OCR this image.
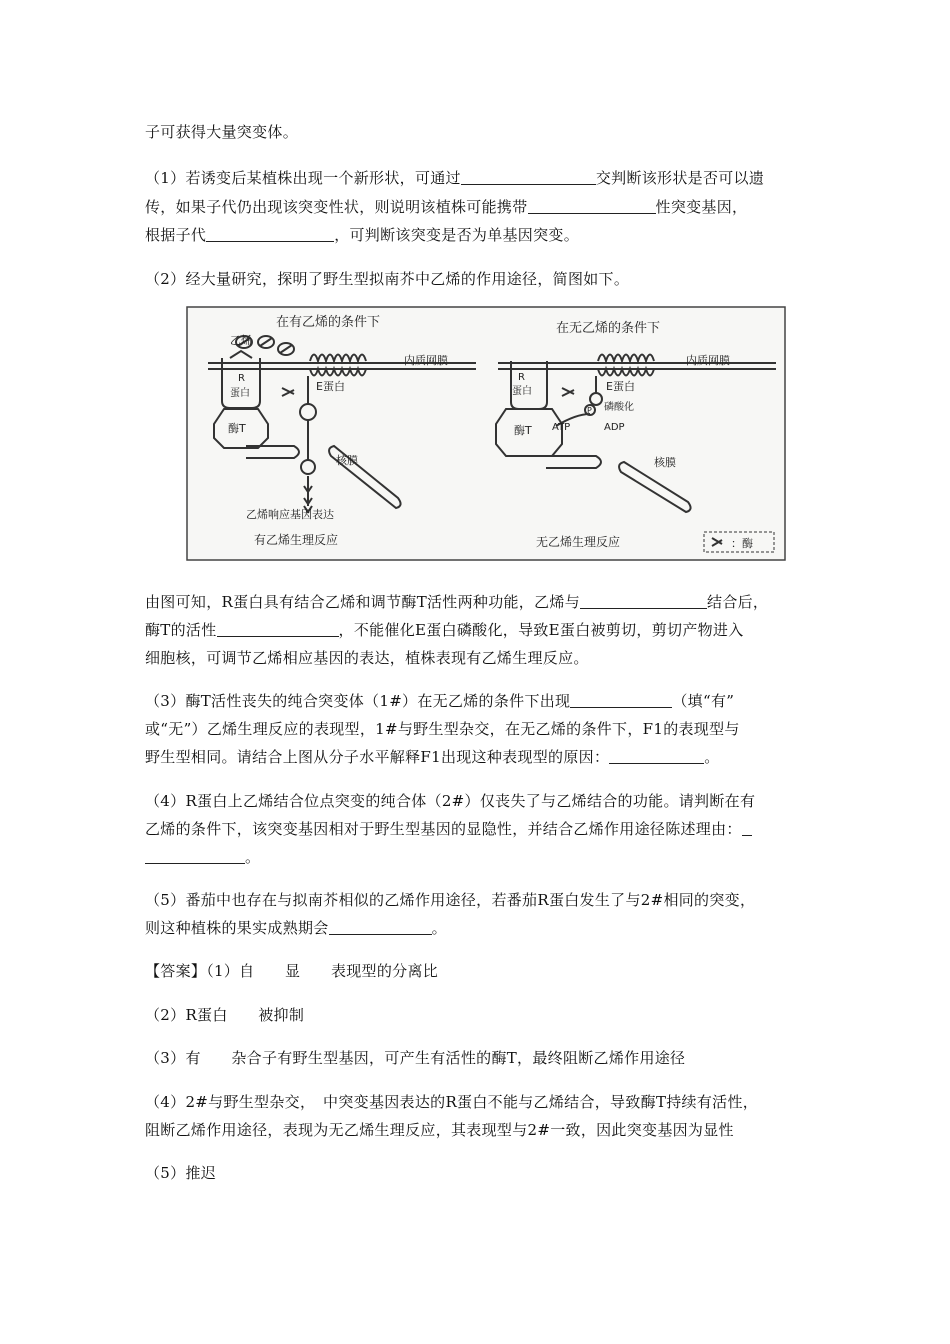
子可获得大量突变体。
（1）若诱变后某植株出现一个新形状，可通过	交判断该形状是否可以遗
传，如果子代仍出现该突变性状，则说明该植株可能携带	性突变基因，
根据子代	，可判断该突变是否为单基因突变。
（2）经大量研究，探明了野生型拟南芥中乙烯的作用途径，简图如下。
在有乙烯的条件下	在无乙烯的条件下
乙烯
R
蛋白
酶T
E蛋白
内质网膜
核膜
乙烯响应基因表达
有乙烯生理反应
R
蛋白
酶T
E蛋白
内质网膜
P 磷酸化
ATP	ADP
核膜
无乙烯生理反应	：酶
由图可知，R蛋白具有结合乙烯和调节酶T活性两种功能，乙烯与	结合后，
酶T的活性	，不能催化E蛋白磷酸化，导致E蛋白被剪切，剪切产物进入
细胞核，可调节乙烯相应基因的表达，植株表现有乙烯生理反应。
（3）酶T活性丧失的纯合突变体（1#）在无乙烯的条件下出现	（填“有”
或“无”）乙烯生理反应的表现型，1#与野生型杂交，在无乙烯的条件下，F1的表现型与
野生型相同。请结合上图从分子水平解释F1出现这种表现型的原因：	。
（4）R蛋白上乙烯结合位点突变的纯合体（2#）仅丧失了与乙烯结合的功能。请判断在有
乙烯的条件下，该突变基因相对于野生型基因的显隐性，并结合乙烯作用途径陈述理由：
。
（5）番茄中也存在与拟南芥相似的乙烯作用途径，若番茄R蛋白发生了与2#相同的突变，
则这种植株的果实成熟期会	。
【答案】（1）自　　显　　表现型的分离比
（2）R蛋白　　被抑制
（3）有　　杂合子有野生型基因，可产生有活性的酶T，最终阻断乙烯作用途径
（4）2#与野生型杂交，　中突变基因表达的R蛋白不能与乙烯结合，导致酶T持续有活性，
阻断乙烯作用途径，表现为无乙烯生理反应，其表现型与2#一致，因此突变基因为显性
（5）推迟
